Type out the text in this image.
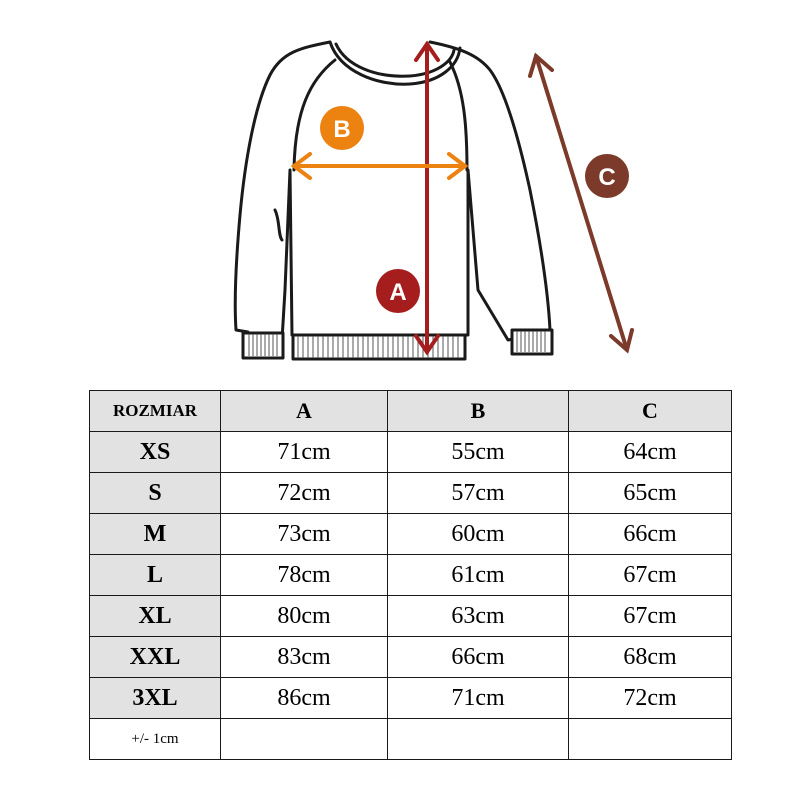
A
B
C
ROZMIAR	A	B	C
XS	71cm	55cm	64cm
S	72cm	57cm	65cm
M	73cm	60cm	66cm
L	78cm	61cm	67cm
XL	80cm	63cm	67cm
XXL	83cm	66cm	68cm
3XL	86cm	71cm	72cm
+/- 1cm			
